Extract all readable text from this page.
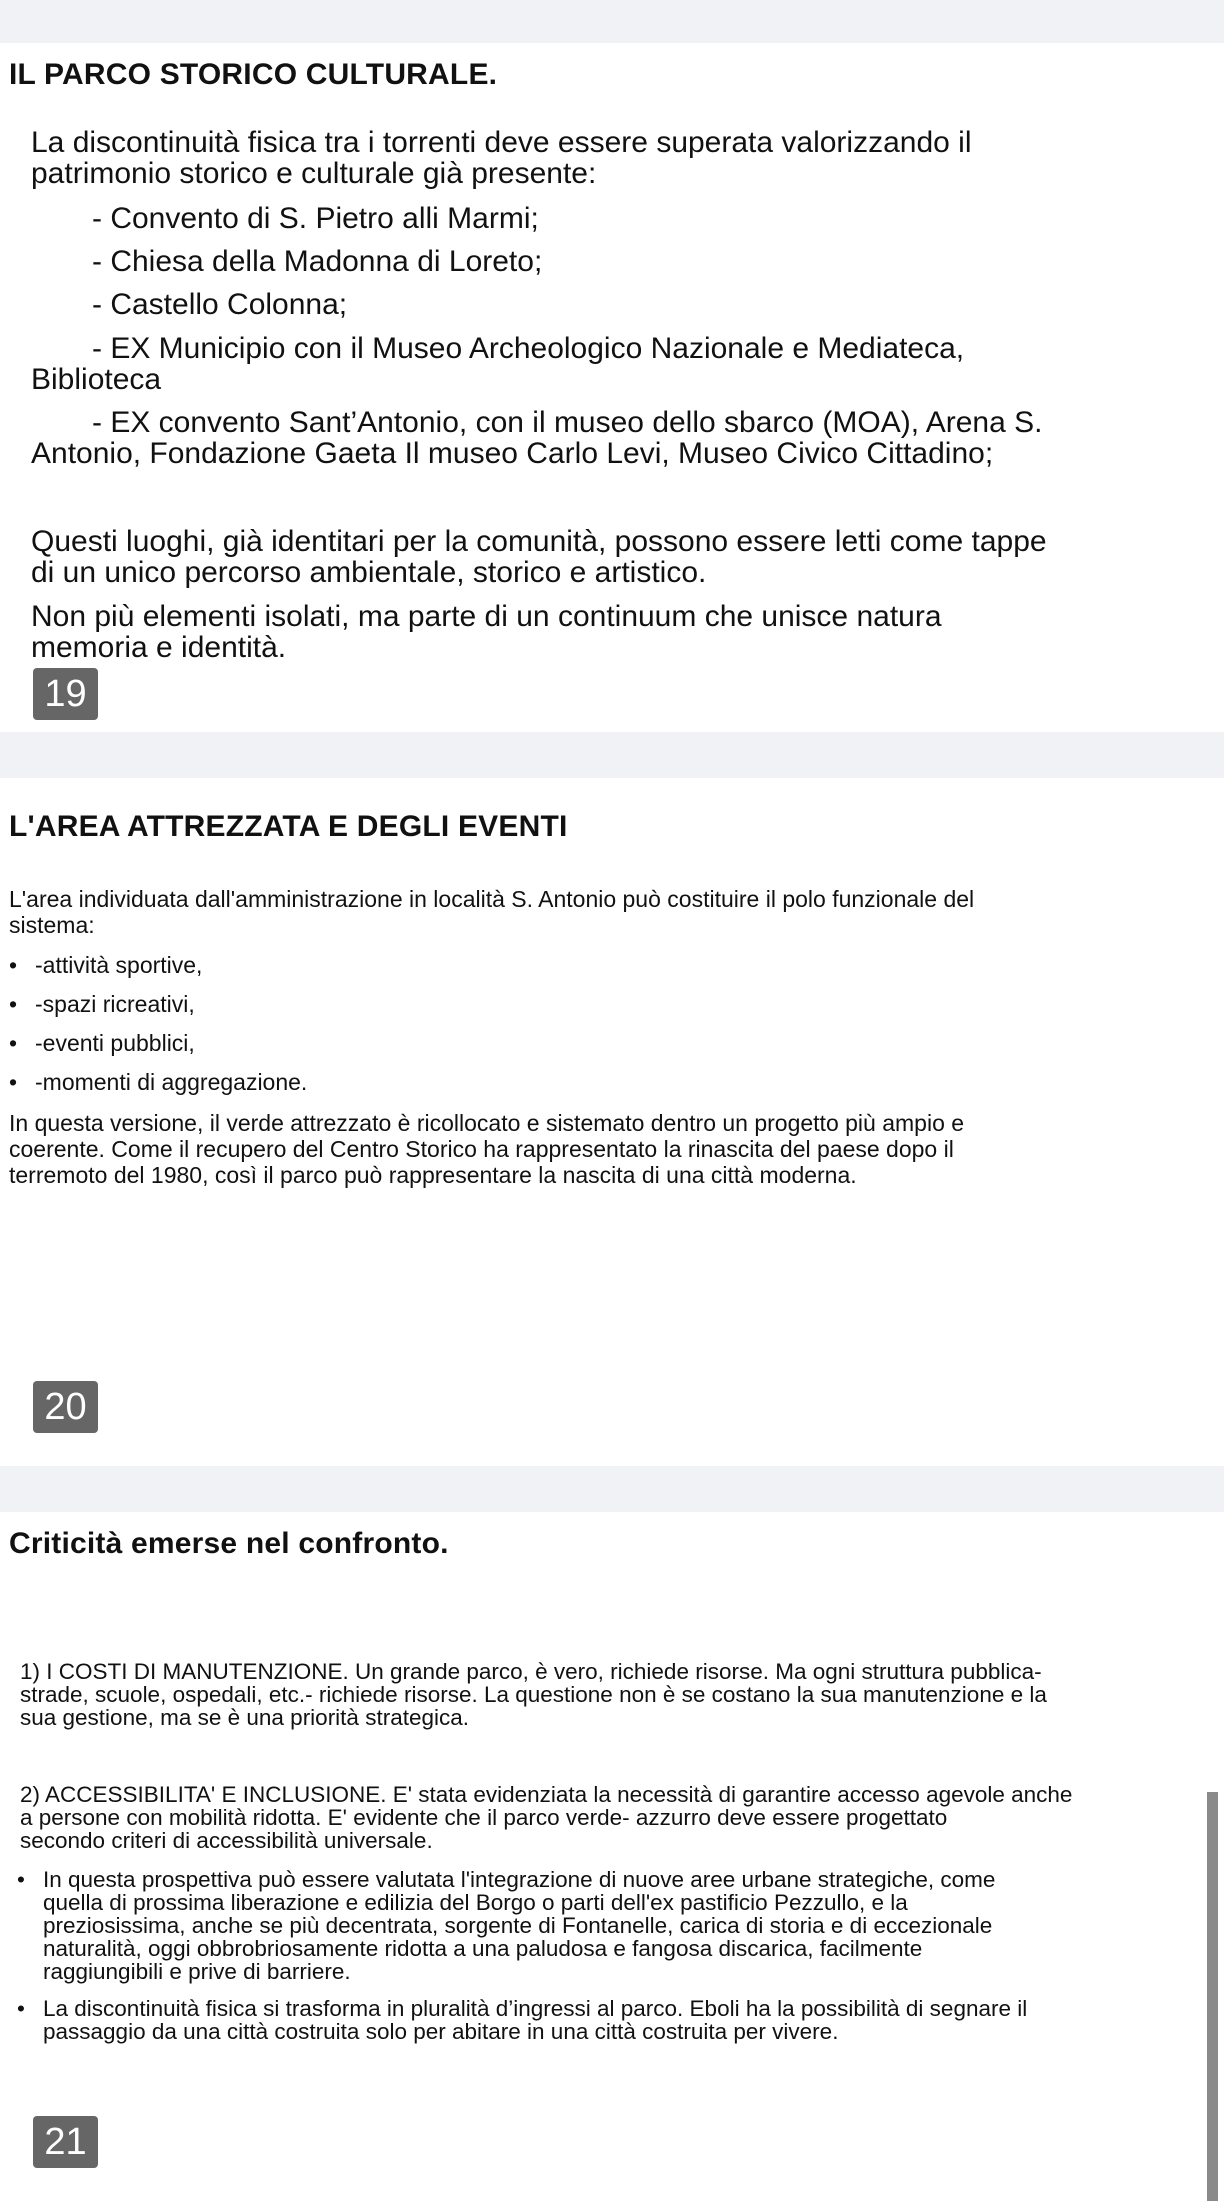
IL PARCO STORICO CULTURALE.
La discontinuità fisica tra i torrenti deve essere superata valorizzando il
patrimonio storico e culturale già presente:
- Convento di S. Pietro alli Marmi;
- Chiesa della Madonna di Loreto;
- Castello Colonna;
- EX Municipio con il Museo Archeologico Nazionale e Mediateca,
Biblioteca
- EX convento Sant’Antonio, con il museo dello sbarco (MOA), Arena S.
Antonio, Fondazione Gaeta Il museo Carlo Levi, Museo Civico Cittadino;
Questi luoghi, già identitari per la comunità, possono essere letti come tappe
di un unico percorso ambientale, storico e artistico.
Non più elementi isolati, ma parte di un continuum che unisce natura
memoria e identità.
19
L'AREA ATTREZZATA E DEGLI EVENTI
L'area individuata dall'amministrazione in località S. Antonio può costituire il polo funzionale del
sistema:
• -attività sportive,
• -spazi ricreativi,
• -eventi pubblici,
• -momenti di aggregazione.
In questa versione, il verde attrezzato è ricollocato e sistemato dentro un progetto più ampio e
coerente. Come il recupero del Centro Storico ha rappresentato la rinascita del paese dopo il
terremoto del 1980, così il parco può rappresentare la nascita di una città moderna.
20
Criticità emerse nel confronto.
1) I COSTI DI MANUTENZIONE. Un grande parco, è vero, richiede risorse. Ma ogni struttura pubblica-
strade, scuole, ospedali, etc.- richiede risorse. La questione non è se costano la sua manutenzione e la
sua gestione, ma se è una priorità strategica.
2) ACCESSIBILITA' E INCLUSIONE. E' stata evidenziata la necessità di garantire accesso agevole anche
a persone con mobilità ridotta. E' evidente che il parco verde- azzurro deve essere progettato
secondo criteri di accessibilità universale.
• In questa prospettiva può essere valutata l'integrazione di nuove aree urbane strategiche, come
quella di prossima liberazione e edilizia del Borgo o parti dell'ex pastificio Pezzullo, e la
preziosissima, anche se più decentrata, sorgente di Fontanelle, carica di storia e di eccezionale
naturalità, oggi obbrobriosamente ridotta a una paludosa e fangosa discarica, facilmente
raggiungibili e prive di barriere.
• La discontinuità fisica si trasforma in pluralità d’ingressi al parco. Eboli ha la possibilità di segnare il
passaggio da una città costruita solo per abitare in una città costruita per vivere.
21
